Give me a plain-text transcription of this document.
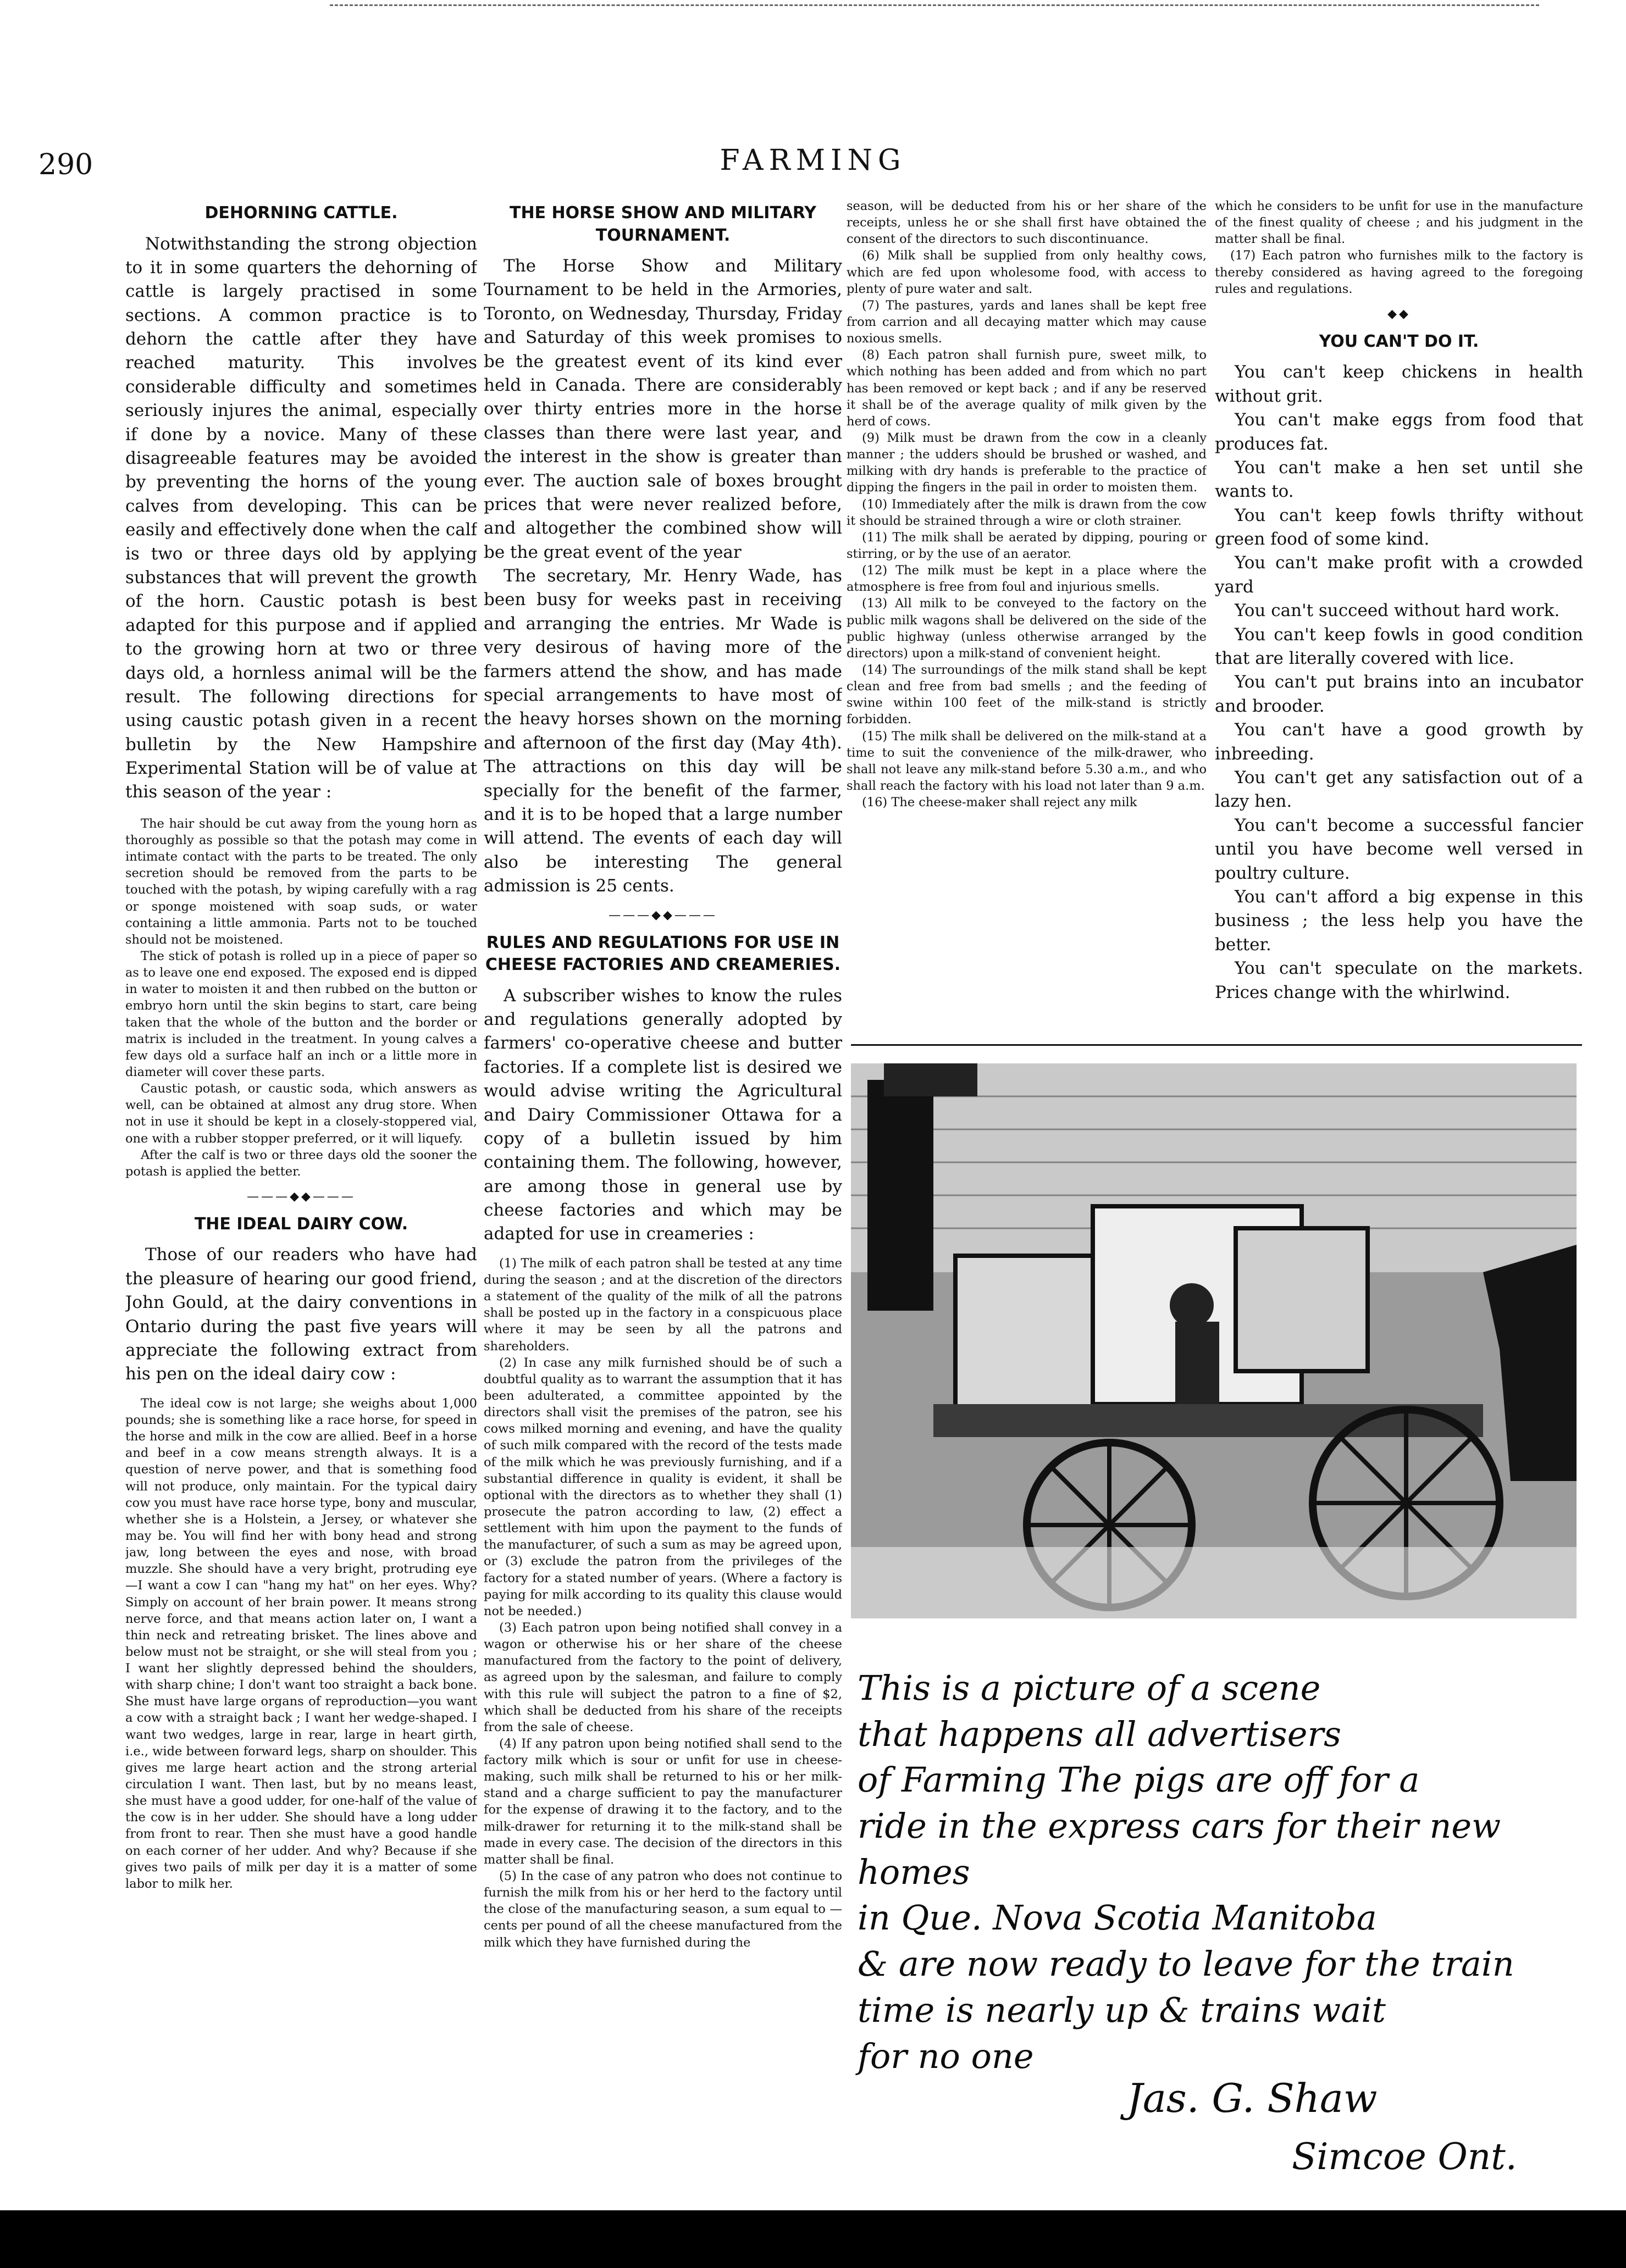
290	FARMING
DEHORNING CATTLE.

Notwithstanding the strong objection to it in some quarters the dehorning of cattle is largely practised in some sections. A common practice is to dehorn the cattle after they have reached maturity. This involves considerable difficulty and sometimes seriously injures the animal, especially if done by a novice. Many of these disagreeable features may be avoided by preventing the horns of the young calves from developing. This can be easily and effectively done when the calf is two or three days old by applying substances that will prevent the growth of the horn. Caustic potash is best adapted for this purpose and if applied to the growing horn at two or three days old, a hornless animal will be the result. The following directions for using caustic potash given in a recent bulletin by the New Hampshire Experimental Station will be of value at this season of the year :

The hair should be cut away from the young horn as thoroughly as possible so that the potash may come in intimate contact with the parts to be treated. The only secretion should be removed from the parts to be touched with the potash, by wiping carefully with a rag or sponge moistened with soap suds, or water containing a little ammonia. Parts not to be touched should not be moistened.

The stick of potash is rolled up in a piece of paper so as to leave one end exposed. The exposed end is dipped in water to moisten it and then rubbed on the button or embryo horn until the skin begins to start, care being taken that the whole of the button and the border or matrix is included in the treatment. In young calves a few days old a surface half an inch or a little more in diameter will cover these parts.

Caustic potash, or caustic soda, which answers as well, can be obtained at almost any drug store. When not in use it should be kept in a closely-stoppered vial, one with a rubber stopper preferred, or it will liquefy.

After the calf is two or three days old the sooner the potash is applied the better.

———◆◆———
THE IDEAL DAIRY COW.

Those of our readers who have had the pleasure of hearing our good friend, John Gould, at the dairy conventions in Ontario during the past five years will appreciate the following extract from his pen on the ideal dairy cow :

The ideal cow is not large; she weighs about 1,000 pounds; she is something like a race horse, for speed in the horse and milk in the cow are allied. Beef in a horse and beef in a cow means strength always. It is a question of nerve power, and that is something food will not produce, only maintain. For the typical dairy cow you must have race horse type, bony and muscular, whether she is a Holstein, a Jersey, or whatever she may be. You will find her with bony head and strong jaw, long between the eyes and nose, with broad muzzle. She should have a very bright, protruding eye—I want a cow I can "hang my hat" on her eyes. Why? Simply on account of her brain power. It means strong nerve force, and that means action later on, I want a thin neck and retreating brisket. The lines above and below must not be straight, or she will steal from you ; I want her slightly depressed behind the shoulders, with sharp chine; I don't want too straight a back bone. She must have large organs of reproduction—you want a cow with a straight back ; I want her wedge-shaped. I want two wedges, large in rear, large in heart girth, i.e., wide between forward legs, sharp on shoulder. This gives me large heart action and the strong arterial circulation I want. Then last, but by no means least, she must have a good udder, for one-half of the value of the cow is in her udder. She should have a long udder from front to rear. Then she must have a good handle on each corner of her udder. And why? Because if she gives two pails of milk per day it is a matter of some labor to milk her.

THE HORSE SHOW AND MILITARY TOURNAMENT.

The Horse Show and Military Tournament to be held in the Armories, Toronto, on Wednesday, Thursday, Friday and Saturday of this week promises to be the greatest event of its kind ever held in Canada. There are considerably over thirty entries more in the horse classes than there were last year, and the interest in the show is greater than ever. The auction sale of boxes brought prices that were never realized before, and altogether the combined show will be the great event of the year

The secretary, Mr. Henry Wade, has been busy for weeks past in receiving and arranging the entries. Mr Wade is very desirous of having more of the farmers attend the show, and has made special arrangements to have most of the heavy horses shown on the morning and afternoon of the first day (May 4th). The attractions on this day will be specially for the benefit of the farmer, and it is to be hoped that a large number will attend. The events of each day will also be interesting The general admission is 25 cents.

———◆◆———
RULES AND REGULATIONS FOR USE IN CHEESE FACTORIES AND CREAMERIES.

A subscriber wishes to know the rules and regulations generally adopted by farmers' co-operative cheese and butter factories. If a complete list is desired we would advise writing the Agricultural and Dairy Commissioner Ottawa for a copy of a bulletin issued by him containing them. The following, however, are among those in general use by cheese factories and which may be adapted for use in creameries :

(1) The milk of each patron shall be tested at any time during the season ; and at the discretion of the directors a statement of the quality of the milk of all the patrons shall be posted up in the factory in a conspicuous place where it may be seen by all the patrons and shareholders.

(2) In case any milk furnished should be of such a doubtful quality as to warrant the assumption that it has been adulterated, a committee appointed by the directors shall visit the premises of the patron, see his cows milked morning and evening, and have the quality of such milk compared with the record of the tests made of the milk which he was previously furnishing, and if a substantial difference in quality is evident, it shall be optional with the directors as to whether they shall (1) prosecute the patron according to law, (2) effect a settlement with him upon the payment to the funds of the manufacturer, of such a sum as may be agreed upon, or (3) exclude the patron from the privileges of the factory for a stated number of years. (Where a factory is paying for milk according to its quality this clause would not be needed.)

(3) Each patron upon being notified shall convey in a wagon or otherwise his or her share of the cheese manufactured from the factory to the point of delivery, as agreed upon by the salesman, and failure to comply with this rule will subject the patron to a fine of $2, which shall be deducted from his share of the receipts from the sale of cheese.

(4) If any patron upon being notified shall send to the factory milk which is sour or unfit for use in cheese-making, such milk shall be returned to his or her milk-stand and a charge sufficient to pay the manufacturer for the expense of drawing it to the factory, and to the milk-drawer for returning it to the milk-stand shall be made in every case. The decision of the directors in this matter shall be final.

(5) In the case of any patron who does not continue to furnish the milk from his or her herd to the factory until the close of the manufacturing season, a sum equal to — cents per pound of all the cheese manufactured from the milk which they have furnished during the

season, will be deducted from his or her share of the receipts, unless he or she shall first have obtained the consent of the directors to such discontinuance.

(6) Milk shall be supplied from only healthy cows, which are fed upon wholesome food, with access to plenty of pure water and salt.

(7) The pastures, yards and lanes shall be kept free from carrion and all decaying matter which may cause noxious smells.

(8) Each patron shall furnish pure, sweet milk, to which nothing has been added and from which no part has been removed or kept back ; and if any be reserved it shall be of the average quality of milk given by the herd of cows.

(9) Milk must be drawn from the cow in a cleanly manner ; the udders should be brushed or washed, and milking with dry hands is preferable to the practice of dipping the fingers in the pail in order to moisten them.

(10) Immediately after the milk is drawn from the cow it should be strained through a wire or cloth strainer.

(11) The milk shall be aerated by dipping, pouring or stirring, or by the use of an aerator.

(12) The milk must be kept in a place where the atmosphere is free from foul and injurious smells.

(13) All milk to be conveyed to the factory on the public milk wagons shall be delivered on the side of the public highway (unless otherwise arranged by the directors) upon a milk-stand of convenient height.

(14) The surroundings of the milk stand shall be kept clean and free from bad smells ; and the feeding of swine within 100 feet of the milk-stand is strictly forbidden.

(15) The milk shall be delivered on the milk-stand at a time to suit the convenience of the milk-drawer, who shall not leave any milk-stand before 5.30 a.m., and who shall reach the factory with his load not later than 9 a.m.

(16) The cheese-maker shall reject any milk

which he considers to be unfit for use in the manufacture of the finest quality of cheese ; and his judgment in the matter shall be final.

(17) Each patron who furnishes milk to the factory is thereby considered as having agreed to the foregoing rules and regulations.

◆◆
YOU CAN'T DO IT.

You can't keep chickens in health without grit.

You can't make eggs from food that produces fat.

You can't make a hen set until she wants to.

You can't keep fowls thrifty without green food of some kind.

You can't make profit with a crowded yard

You can't succeed without hard work.

You can't keep fowls in good condition that are literally covered with lice.

You can't put brains into an incubator and brooder.

You can't have a good growth by inbreeding.

You can't get any satisfaction out of a lazy hen.

You can't become a successful fancier until you have become well versed in poultry culture.

You can't afford a big expense in this business ; the less help you have the better.

You can't speculate on the markets. Prices change with the whirlwind.

This is a picture of a scene
that happens all advertisers
of Farming The pigs are off for a
ride in the express cars for their new homes
in Que. Nova Scotia Manitoba
& are now ready to leave for the train
time is nearly up & trains wait
for no one
Jas. G. Shaw
Simcoe Ont.
